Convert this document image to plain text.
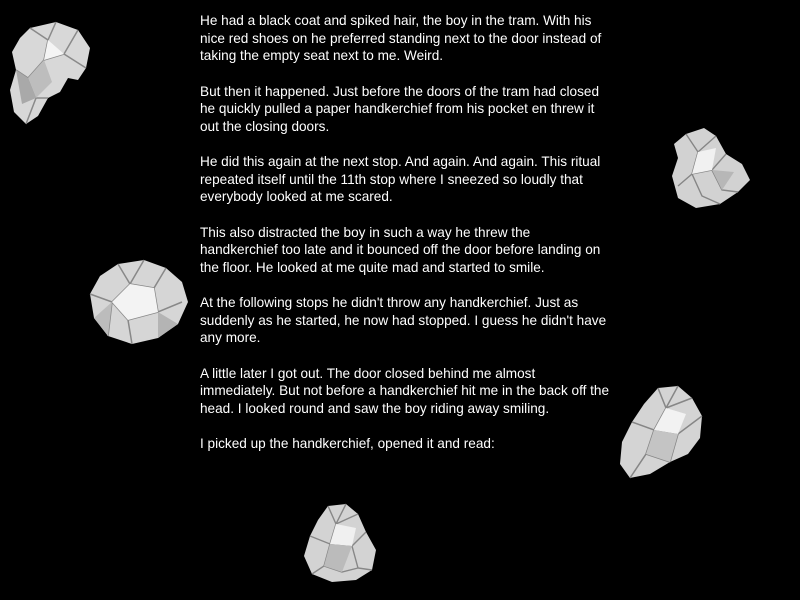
He had a black coat and spiked hair, the boy in the tram. With his nice red shoes on he preferred standing next to the door instead of taking the empty seat next to me. Weird.

But then it happened. Just before the doors of the tram had closed he quickly pulled a paper handkerchief from his pocket en threw it out the closing doors.

He did this again at the next stop. And again. And again. This ritual repeated itself until the 11th stop where I sneezed so loudly that everybody looked at me scared.

This also distracted the boy in such a way he threw the handkerchief too late and it bounced off the door before landing on the floor. He looked at me quite mad and started to smile.

At the following stops he didn't throw any handkerchief. Just as suddenly as he started, he now had stopped. I guess he didn't have any more.

A little later I got out. The door closed behind me almost immediately. But not before a handkerchief hit me in the back off the head. I looked round and saw the boy riding away smiling.

I picked up the handkerchief, opened it and read:
